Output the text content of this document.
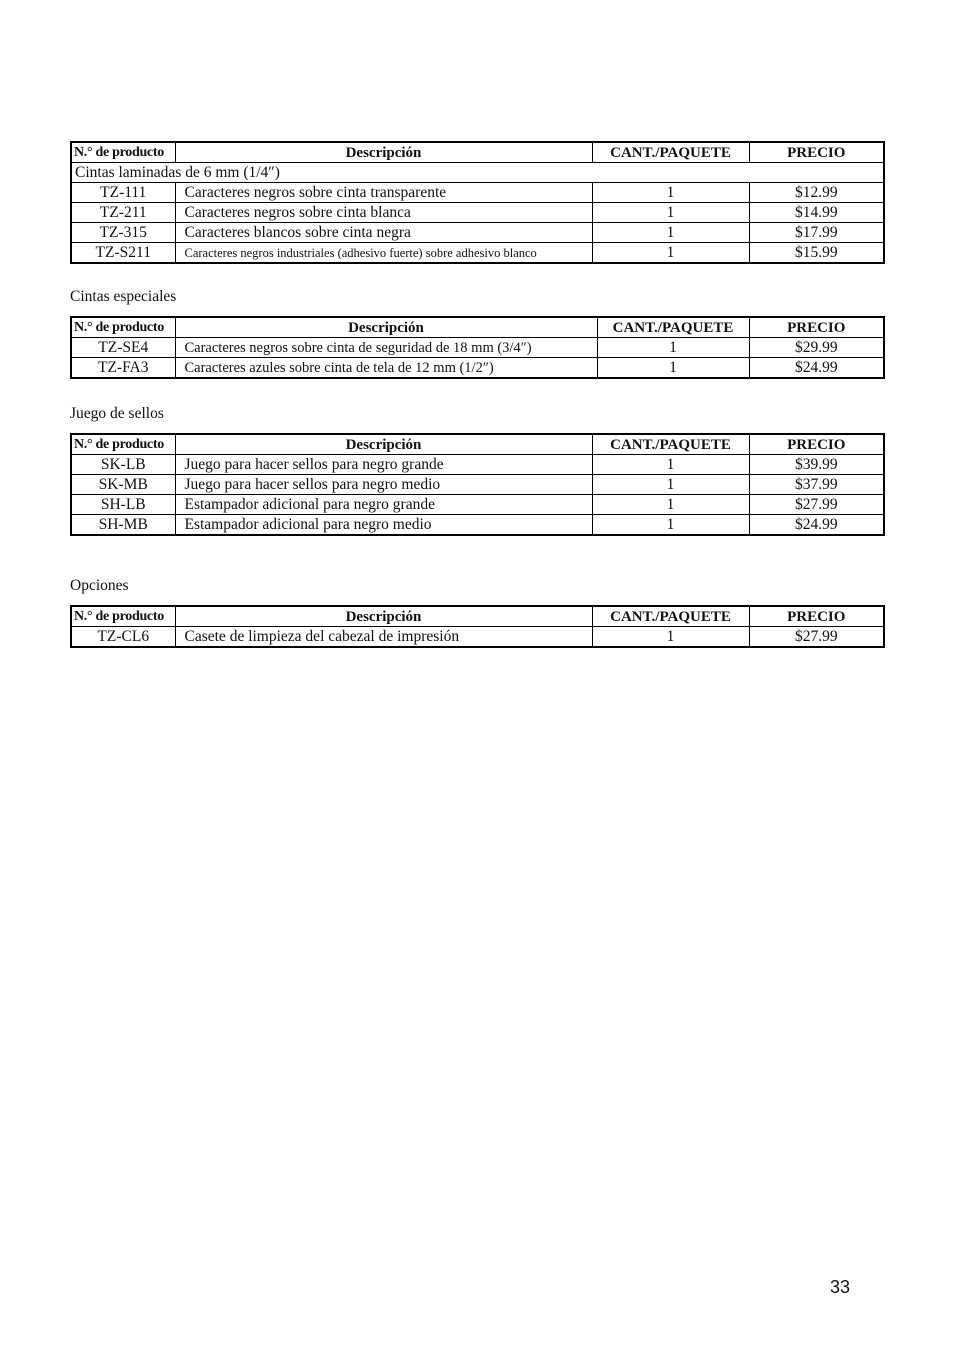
N.° de producto	Descripción	CANT./PAQUETE	PRECIO
Cintas laminadas de 6 mm (1/4″)			
TZ-111	Caracteres negros sobre cinta transparente	1	$12.99
TZ-211	Caracteres negros sobre cinta blanca	1	$14.99
TZ-315	Caracteres blancos sobre cinta negra	1	$17.99
TZ-S211	Caracteres negros industriales (adhesivo fuerte) sobre adhesivo blanco	1	$15.99
Cintas especiales
N.° de producto	Descripción	CANT./PAQUETE	PRECIO
TZ-SE4	Caracteres negros sobre cinta de seguridad de 18 mm (3/4″)	1	$29.99
TZ-FA3	Caracteres azules sobre cinta de tela de 12 mm (1/2″)	1	$24.99
Juego de sellos
N.° de producto	Descripción	CANT./PAQUETE	PRECIO
SK-LB	Juego para hacer sellos para negro grande	1	$39.99
SK-MB	Juego para hacer sellos para negro medio	1	$37.99
SH-LB	Estampador adicional para negro grande	1	$27.99
SH-MB	Estampador adicional para negro medio	1	$24.99
Opciones
N.° de producto	Descripción	CANT./PAQUETE	PRECIO
TZ-CL6	Casete de limpieza del cabezal de impresión	1	$27.99
33
